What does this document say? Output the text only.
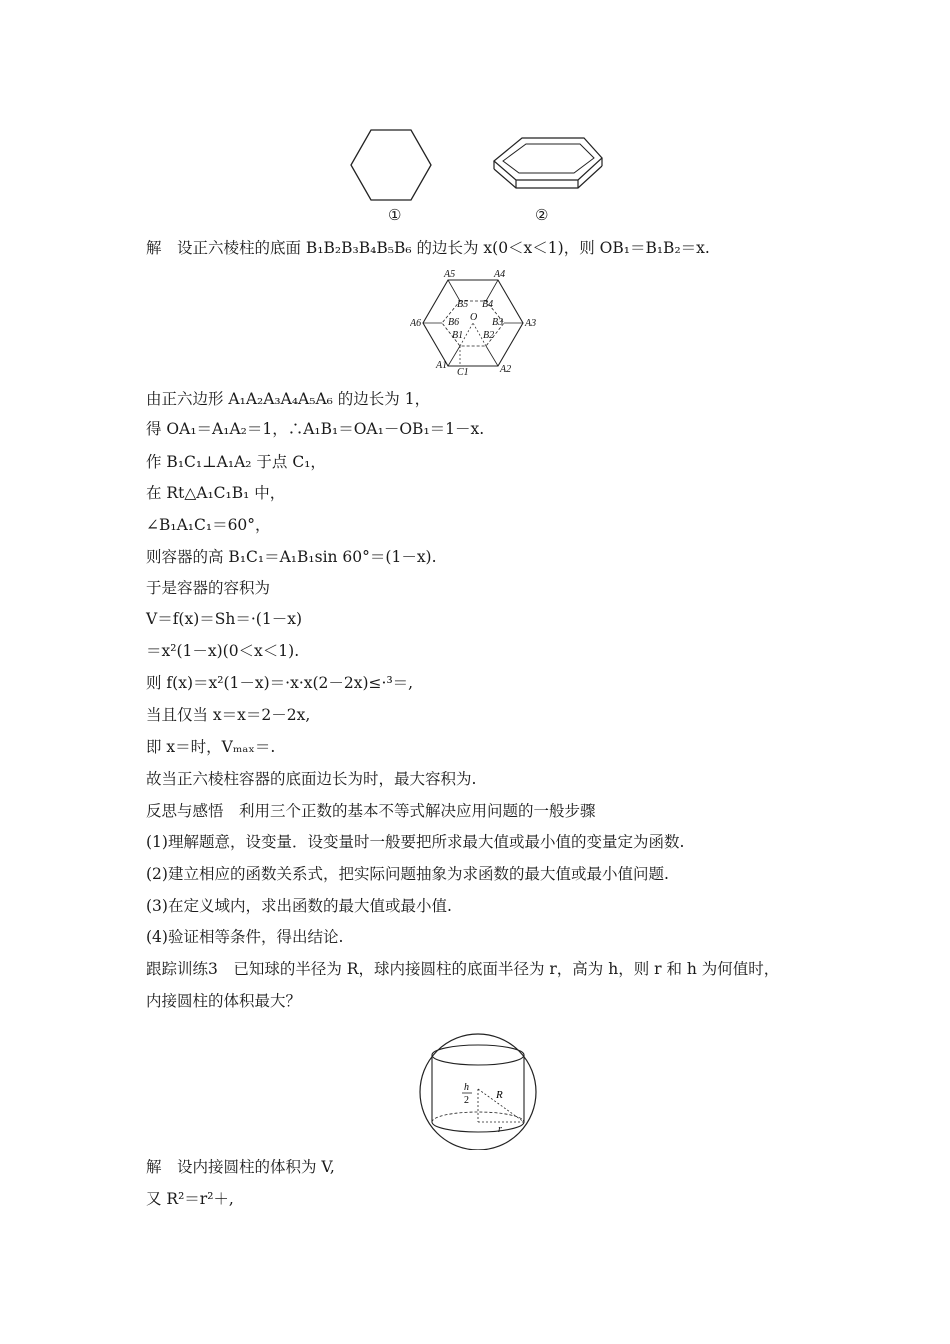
①	②
解　设正六棱柱的底面 B₁B₂B₃B₄B₅B₆ 的边长为 x(0＜x＜1)，则 OB₁＝B₁B₂＝x.
A5	A4
A6	A3
A1	A2
B5 B4
B6	B3
B1 B2
O
C1
由正六边形 A₁A₂A₃A₄A₅A₆ 的边长为 1，
得 OA₁＝A₁A₂＝1，∴A₁B₁＝OA₁－OB₁＝1－x.
作 B₁C₁⊥A₁A₂ 于点 C₁，
在 Rt△A₁C₁B₁ 中，
∠B₁A₁C₁＝60°，
则容器的高 B₁C₁＝A₁B₁sin 60°＝(1－x).
于是容器的容积为
V＝f(x)＝Sh＝·(1－x)
＝x²(1－x)(0＜x＜1).
则 f(x)＝x²(1－x)＝·x·x(2－2x)≤·³＝,
当且仅当 x＝x＝2－2x,
即 x＝时，Vₘₐₓ＝.
故当正六棱柱容器的底面边长为时，最大容积为.
反思与感悟　利用三个正数的基本不等式解决应用问题的一般步骤
(1)理解题意，设变量．设变量时一般要把所求最大值或最小值的变量定为函数.
(2)建立相应的函数关系式，把实际问题抽象为求函数的最大值或最小值问题.
(3)在定义域内，求出函数的最大值或最小值.
(4)验证相等条件，得出结论.
跟踪训练3　已知球的半径为 R，球内接圆柱的底面半径为 r，高为 h，则 r 和 h 为何值时，
内接圆柱的体积最大？
h
2 R
r
解　设内接圆柱的体积为 V,
又 R²＝r²＋,
